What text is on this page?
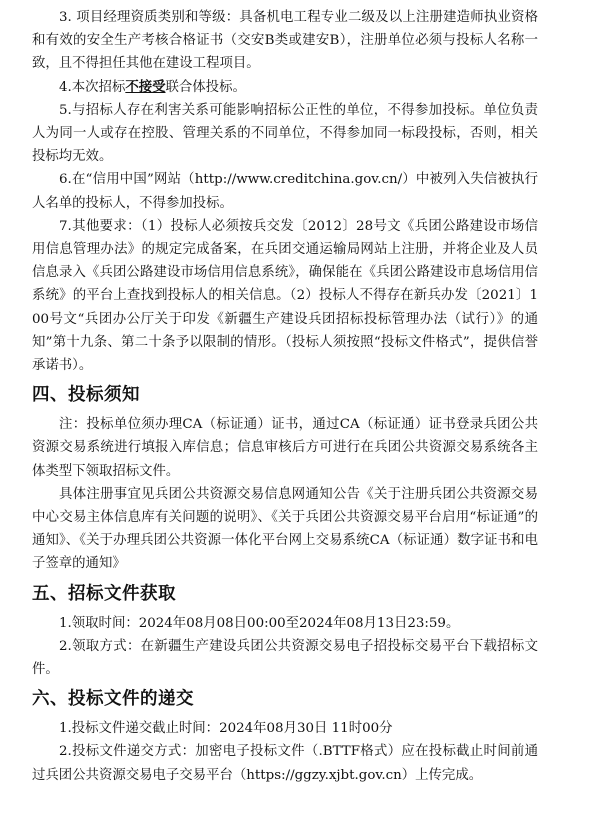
3. 项目经理资质类别和等级：具备机电工程专业二级及以上注册建造师执业资格和有效的安全生产考核合格证书（交安B类或建安B），注册单位必须与投标人名称一致，且不得担任其他在建设工程项目。

4.本次招标不接受联合体投标。

5.与招标人存在利害关系可能影响招标公正性的单位，不得参加投标。单位负责人为同一人或存在控股、管理关系的不同单位，不得参加同一标段投标，否则，相关投标均无效。

6.在“信用中国”网站（http://www.creditchina.gov.cn/）中被列入失信被执行人名单的投标人，不得参加投标。

7.其他要求：（1）投标人必须按兵交发〔2012〕28号文《兵团公路建设市场信用信息管理办法》的规定完成备案，在兵团交通运输局网站上注册，并将企业及人员信息录入《兵团公路建设市场信用信息系统》，确保能在《兵团公路建设市息场信用信系统》的平台上查找到投标人的相关信息。（2）投标人不得存在新兵办发〔2021〕100号文“兵团办公厅关于印发《新疆生产建设兵团招标投标管理办法（试行）》的通知”第十九条、第二十条予以限制的情形。（投标人须按照“投标文件格式”，提供信誉承诺书）。

四、投标须知

注：投标单位须办理CA（标证通）证书，通过CA（标证通）证书登录兵团公共资源交易系统进行填报入库信息；信息审核后方可进行在兵团公共资源交易系统各主体类型下领取招标文件。

具体注册事宜见兵团公共资源交易信息网通知公告《关于注册兵团公共资源交易中心交易主体信息库有关问题的说明》、《关于兵团公共资源交易平台启用“标证通”的通知》、《关于办理兵团公共资源一体化平台网上交易系统CA（标证通）数字证书和电子签章的通知》

五、招标文件获取

1.领取时间：2024年08月08日00:00至2024年08月13日23:59。

2.领取方式：在新疆生产建设兵团公共资源交易电子招投标交易平台下载招标文件。

六、投标文件的递交

1.投标文件递交截止时间：2024年08月30日 11时00分

2.投标文件递交方式：加密电子投标文件（.BTTF格式）应在投标截止时间前通过兵团公共资源交易电子交易平台（https://ggzy.xjbt.gov.cn）上传完成。
